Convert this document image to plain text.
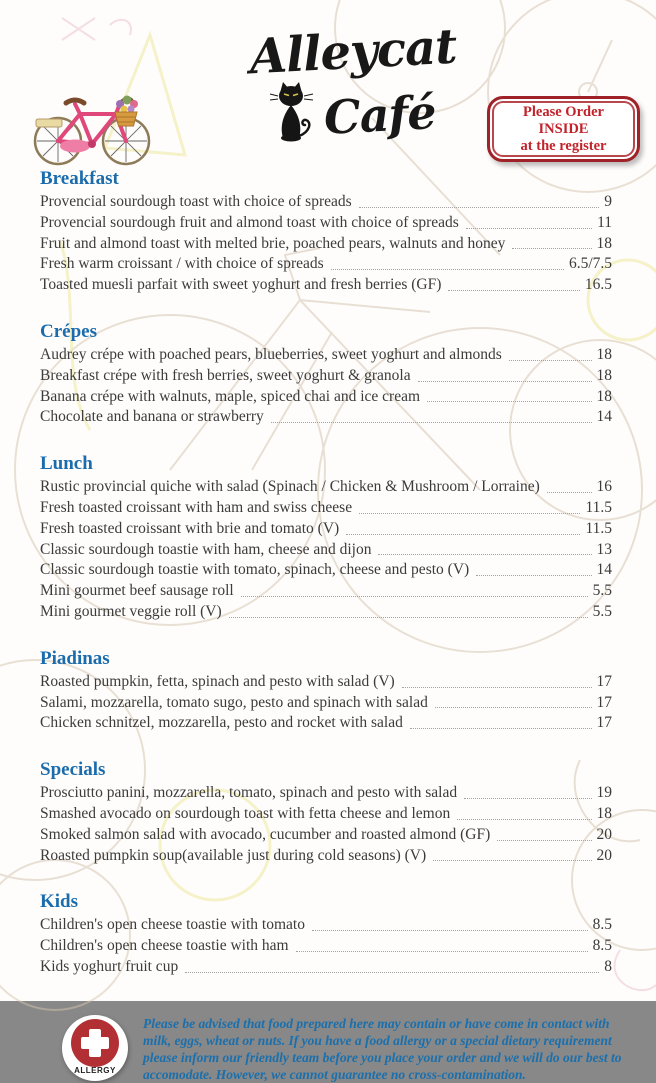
Alleycat
Café	Please Order
INSIDE
at the register
Breakfast
Provencial sourdough toast with choice of spreads	9
Provencial sourdough fruit and almond toast with choice of spreads	11
Fruit and almond toast with melted brie, poached pears, walnuts and honey	18
Fresh warm croissant / with choice of spreads	6.5/7.5
Toasted muesli parfait with sweet yoghurt and fresh berries (GF)	16.5
Crépes
Audrey crépe with poached pears, blueberries, sweet yoghurt and almonds	18
Breakfast crépe with fresh berries, sweet yoghurt & granola	18
Banana crépe with walnuts, maple, spiced chai and ice cream	18
Chocolate and banana or strawberry	14
Lunch
Rustic provincial quiche with salad (Spinach / Chicken & Mushroom / Lorraine)	16
Fresh toasted croissant with ham and swiss cheese	11.5
Fresh toasted croissant with brie and tomato (V)	11.5
Classic sourdough toastie with ham, cheese and dijon	13
Classic sourdough toastie with tomato, spinach, cheese and pesto (V)	14
Mini gourmet beef sausage roll	5.5
Mini gourmet veggie roll (V)	5.5
Piadinas
Roasted pumpkin, fetta, spinach and pesto with salad (V)	17
Salami, mozzarella, tomato sugo, pesto and spinach with salad	17
Chicken schnitzel, mozzarella, pesto and rocket with salad	17
Specials
Prosciutto panini, mozzarella, tomato, spinach and pesto with salad	19
Smashed avocado on sourdough toast with fetta cheese and lemon	18
Smoked salmon salad with avocado, cucumber and roasted almond (GF)	20
Roasted pumpkin soup(available just during cold seasons) (V)	20
Kids
Children's open cheese toastie with tomato	8.5
Children's open cheese toastie with ham	8.5
Kids yoghurt fruit cup	8
ALLERGY
Please be advised that food prepared here may contain or have come in contact with milk, eggs, wheat or nuts. If you have a food allergy or a special dietary requirement please inform our friendly team before you place your order and we will do our best to accomodate. However, we cannot guarantee no cross-contamination.
